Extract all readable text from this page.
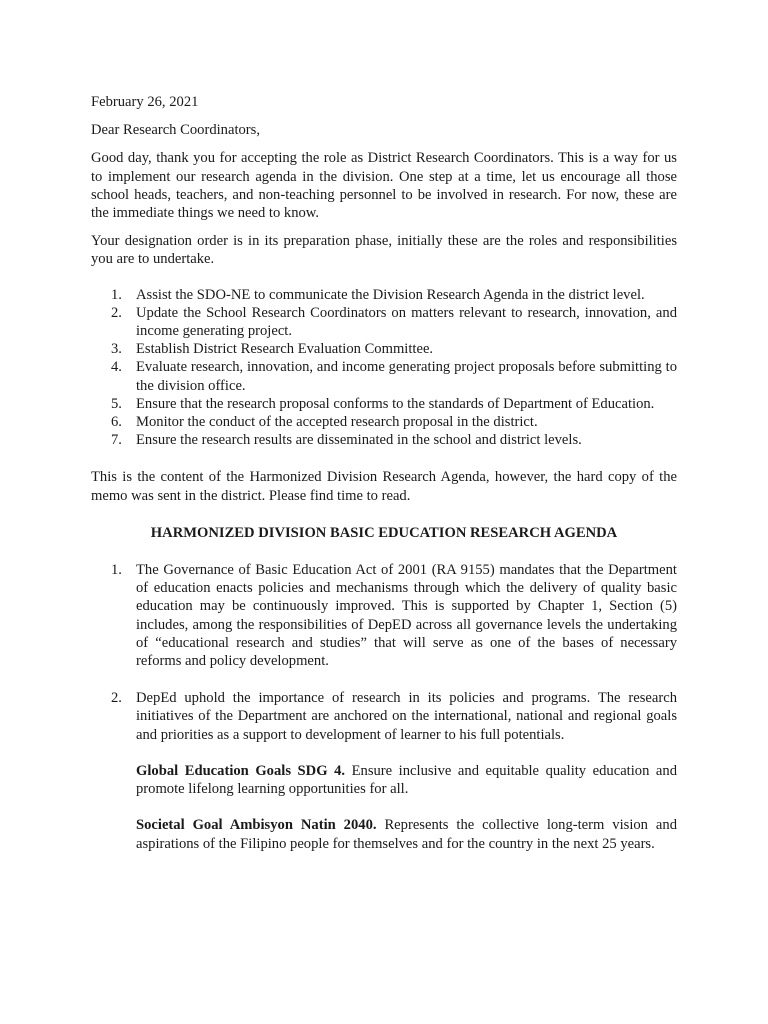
February 26, 2021

Dear Research Coordinators,

Good day, thank you for accepting the role as District Research Coordinators. This is a way for us to implement our research agenda in the division. One step at a time, let us encourage all those school heads, teachers, and non-teaching personnel to be involved in research. For now, these are the immediate things we need to know.

Your designation order is in its preparation phase, initially these are the roles and responsibilities you are to undertake.

1. Assist the SDO-NE to communicate the Division Research Agenda in the district level.
2. Update the School Research Coordinators on matters relevant to research, innovation, and income generating project.
3. Establish District Research Evaluation Committee.
4. Evaluate research, innovation, and income generating project proposals before submitting to the division office.
5. Ensure that the research proposal conforms to the standards of Department of Education.
6. Monitor the conduct of the accepted research proposal in the district.
7. Ensure the research results are disseminated in the school and district levels.

This is the content of the Harmonized Division Research Agenda, however, the hard copy of the memo was sent in the district. Please find time to read.

HARMONIZED DIVISION BASIC EDUCATION RESEARCH AGENDA

1. The Governance of Basic Education Act of 2001 (RA 9155) mandates that the Department of education enacts policies and mechanisms through which the delivery of quality basic education may be continuously improved. This is supported by Chapter 1, Section (5) includes, among the responsibilities of DepED across all governance levels the undertaking of “educational research and studies” that will serve as one of the bases of necessary reforms and policy development.
2. DepEd uphold the importance of research in its policies and programs. The research initiatives of the Department are anchored on the international, national and regional goals and priorities as a support to development of learner to his full potentials.

Global Education Goals SDG 4. Ensure inclusive and equitable quality education and promote lifelong learning opportunities for all.

Societal Goal Ambisyon Natin 2040. Represents the collective long-term vision and aspirations of the Filipino people for themselves and for the country in the next 25 years.
